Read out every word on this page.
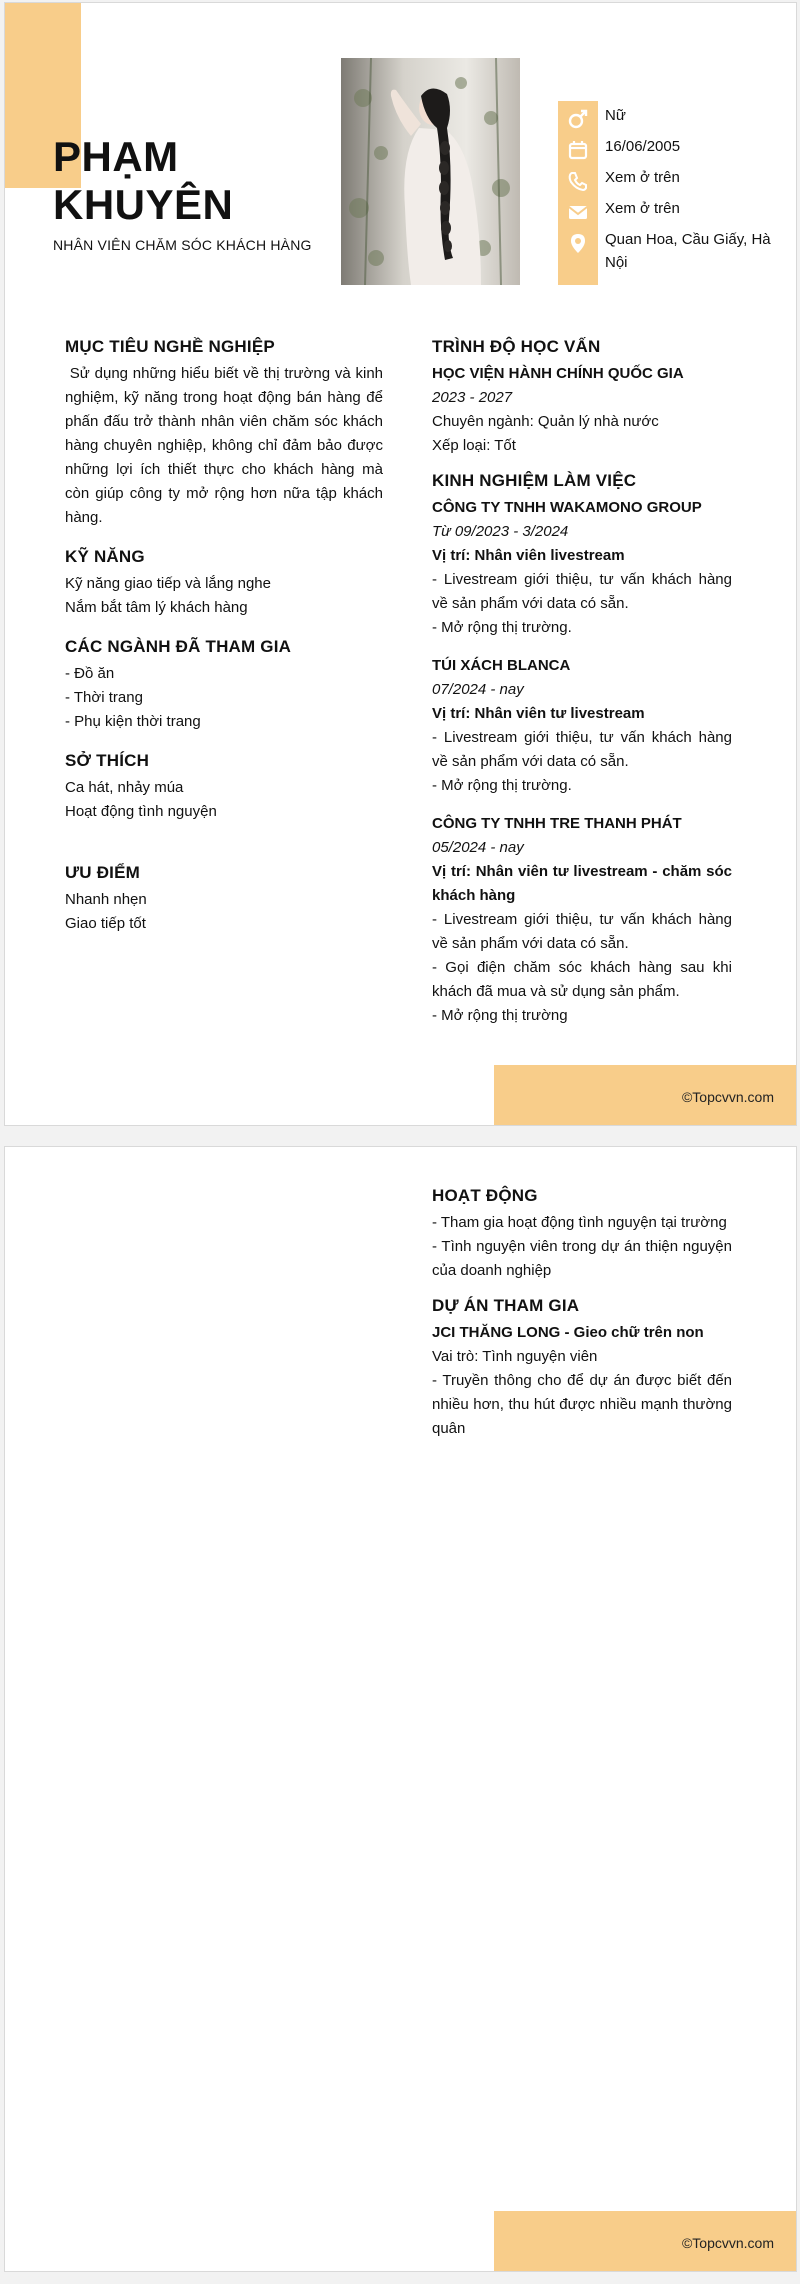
PHẠM
KHUYÊN
NHÂN VIÊN CHĂM SÓC KHÁCH HÀNG
Nữ
16/06/2005
Xem ở trên
Xem ở trên
Quan Hoa, Cầu Giấy, Hà Nội
MỤC TIÊU NGHỀ NGHIỆP
Sử dụng những hiểu biết về thị trường và kinh nghiệm, kỹ năng trong hoạt động bán hàng để phấn đấu trở thành nhân viên chăm sóc khách hàng chuyên nghiệp, không chỉ đảm bảo được những lợi ích thiết thực cho khách hàng mà còn giúp công ty mở rộng hơn nữa tập khách hàng.
KỸ NĂNG
Kỹ năng giao tiếp và lắng nghe
Nắm bắt tâm lý khách hàng
CÁC NGÀNH ĐÃ THAM GIA
- Đồ ăn
- Thời trang
- Phụ kiện thời trang
SỞ THÍCH
Ca hát, nhảy múa
Hoạt động tình nguyện
ƯU ĐIỂM
Nhanh nhẹn
Giao tiếp tốt
TRÌNH ĐỘ HỌC VẤN
HỌC VIỆN HÀNH CHÍNH QUỐC GIA
2023 - 2027
Chuyên ngành: Quản lý nhà nước
Xếp loại: Tốt
KINH NGHIỆM LÀM VIỆC
CÔNG TY TNHH WAKAMONO GROUP
Từ 09/2023 - 3/2024
Vị trí: Nhân viên livestream
- Livestream giới thiệu, tư vấn khách hàng về sản phẩm với data có sẵn.
- Mở rộng thị trường.
TÚI XÁCH BLANCA
07/2024 - nay
Vị trí: Nhân viên tư livestream
- Livestream giới thiệu, tư vấn khách hàng về sản phẩm với data có sẵn.
- Mở rộng thị trường.
CÔNG TY TNHH TRE THANH PHÁT
05/2024 - nay
Vị trí: Nhân viên tư livestream - chăm sóc khách hàng
- Livestream giới thiệu, tư vấn khách hàng về sản phẩm với data có sẵn.
- Gọi điện chăm sóc khách hàng sau khi khách đã mua và sử dụng sản phẩm.
- Mở rộng thị trường
©Topcvvn.com
HOẠT ĐỘNG
- Tham gia hoạt động tình nguyện tại trường
- Tình nguyện viên trong dự án thiện nguyện của doanh nghiệp
DỰ ÁN THAM GIA
JCI THĂNG LONG - Gieo chữ trên non
Vai trò: Tình nguyện viên
- Truyền thông cho để dự án được biết đến nhiều hơn, thu hút được nhiều mạnh thường quân
©Topcvvn.com
